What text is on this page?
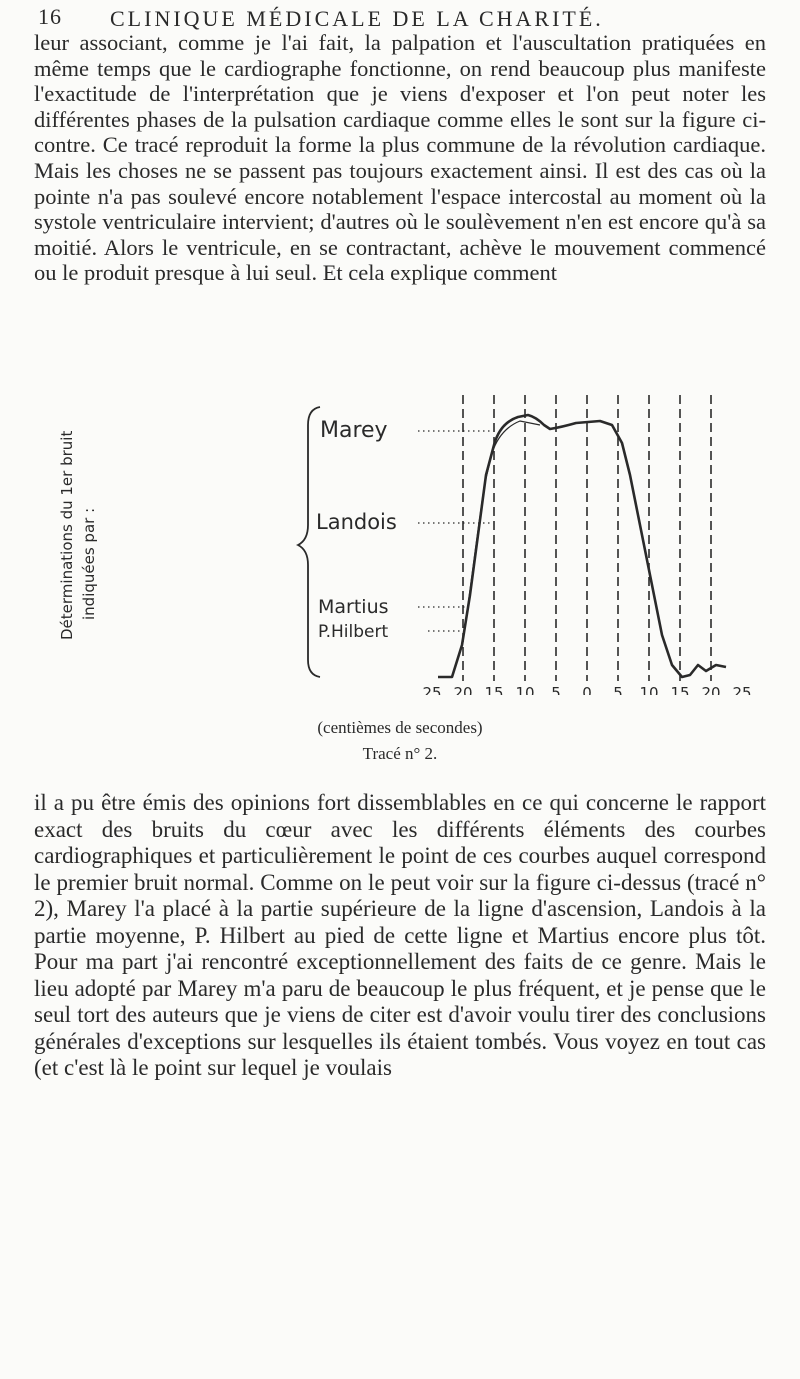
16 CLINIQUE MÉDICALE DE LA CHARITÉ.

leur associant, comme je l'ai fait, la palpation et l'auscultation pratiquées en même temps que le cardiographe fonctionne, on rend beaucoup plus manifeste l'exactitude de l'interprétation que je viens d'exposer et l'on peut noter les différentes phases de la pulsation cardiaque comme elles le sont sur la figure ci-contre. Ce tracé reproduit la forme la plus commune de la révolution cardiaque. Mais les choses ne se passent pas toujours exactement ainsi. Il est des cas où la pointe n'a pas soulevé encore notablement l'espace intercostal au moment où la systole ventriculaire intervient; d'autres où le soulèvement n'en est encore qu'à sa moitié. Alors le ventricule, en se contractant, achève le mouvement commencé ou le produit presque à lui seul. Et cela explique comment

Déterminations du 1er bruit indiquées par :
Marey
Landois
Martius
P.Hilbert
25 20 15 10 5 0 5 10 15 20 25
(centièmes de secondes)
Tracé n° 2.

il a pu être émis des opinions fort dissemblables en ce qui concerne le rapport exact des bruits du cœur avec les différents éléments des courbes cardiographiques et particulièrement le point de ces courbes auquel correspond le premier bruit normal. Comme on le peut voir sur la figure ci-dessus (tracé n° 2), Marey l'a placé à la partie supérieure de la ligne d'ascension, Landois à la partie moyenne, P. Hilbert au pied de cette ligne et Martius encore plus tôt. Pour ma part j'ai rencontré exceptionnellement des faits de ce genre. Mais le lieu adopté par Marey m'a paru de beaucoup le plus fréquent, et je pense que le seul tort des auteurs que je viens de citer est d'avoir voulu tirer des conclusions générales d'exceptions sur lesquelles ils étaient tombés. Vous voyez en tout cas (et c'est là le point sur lequel je voulais
